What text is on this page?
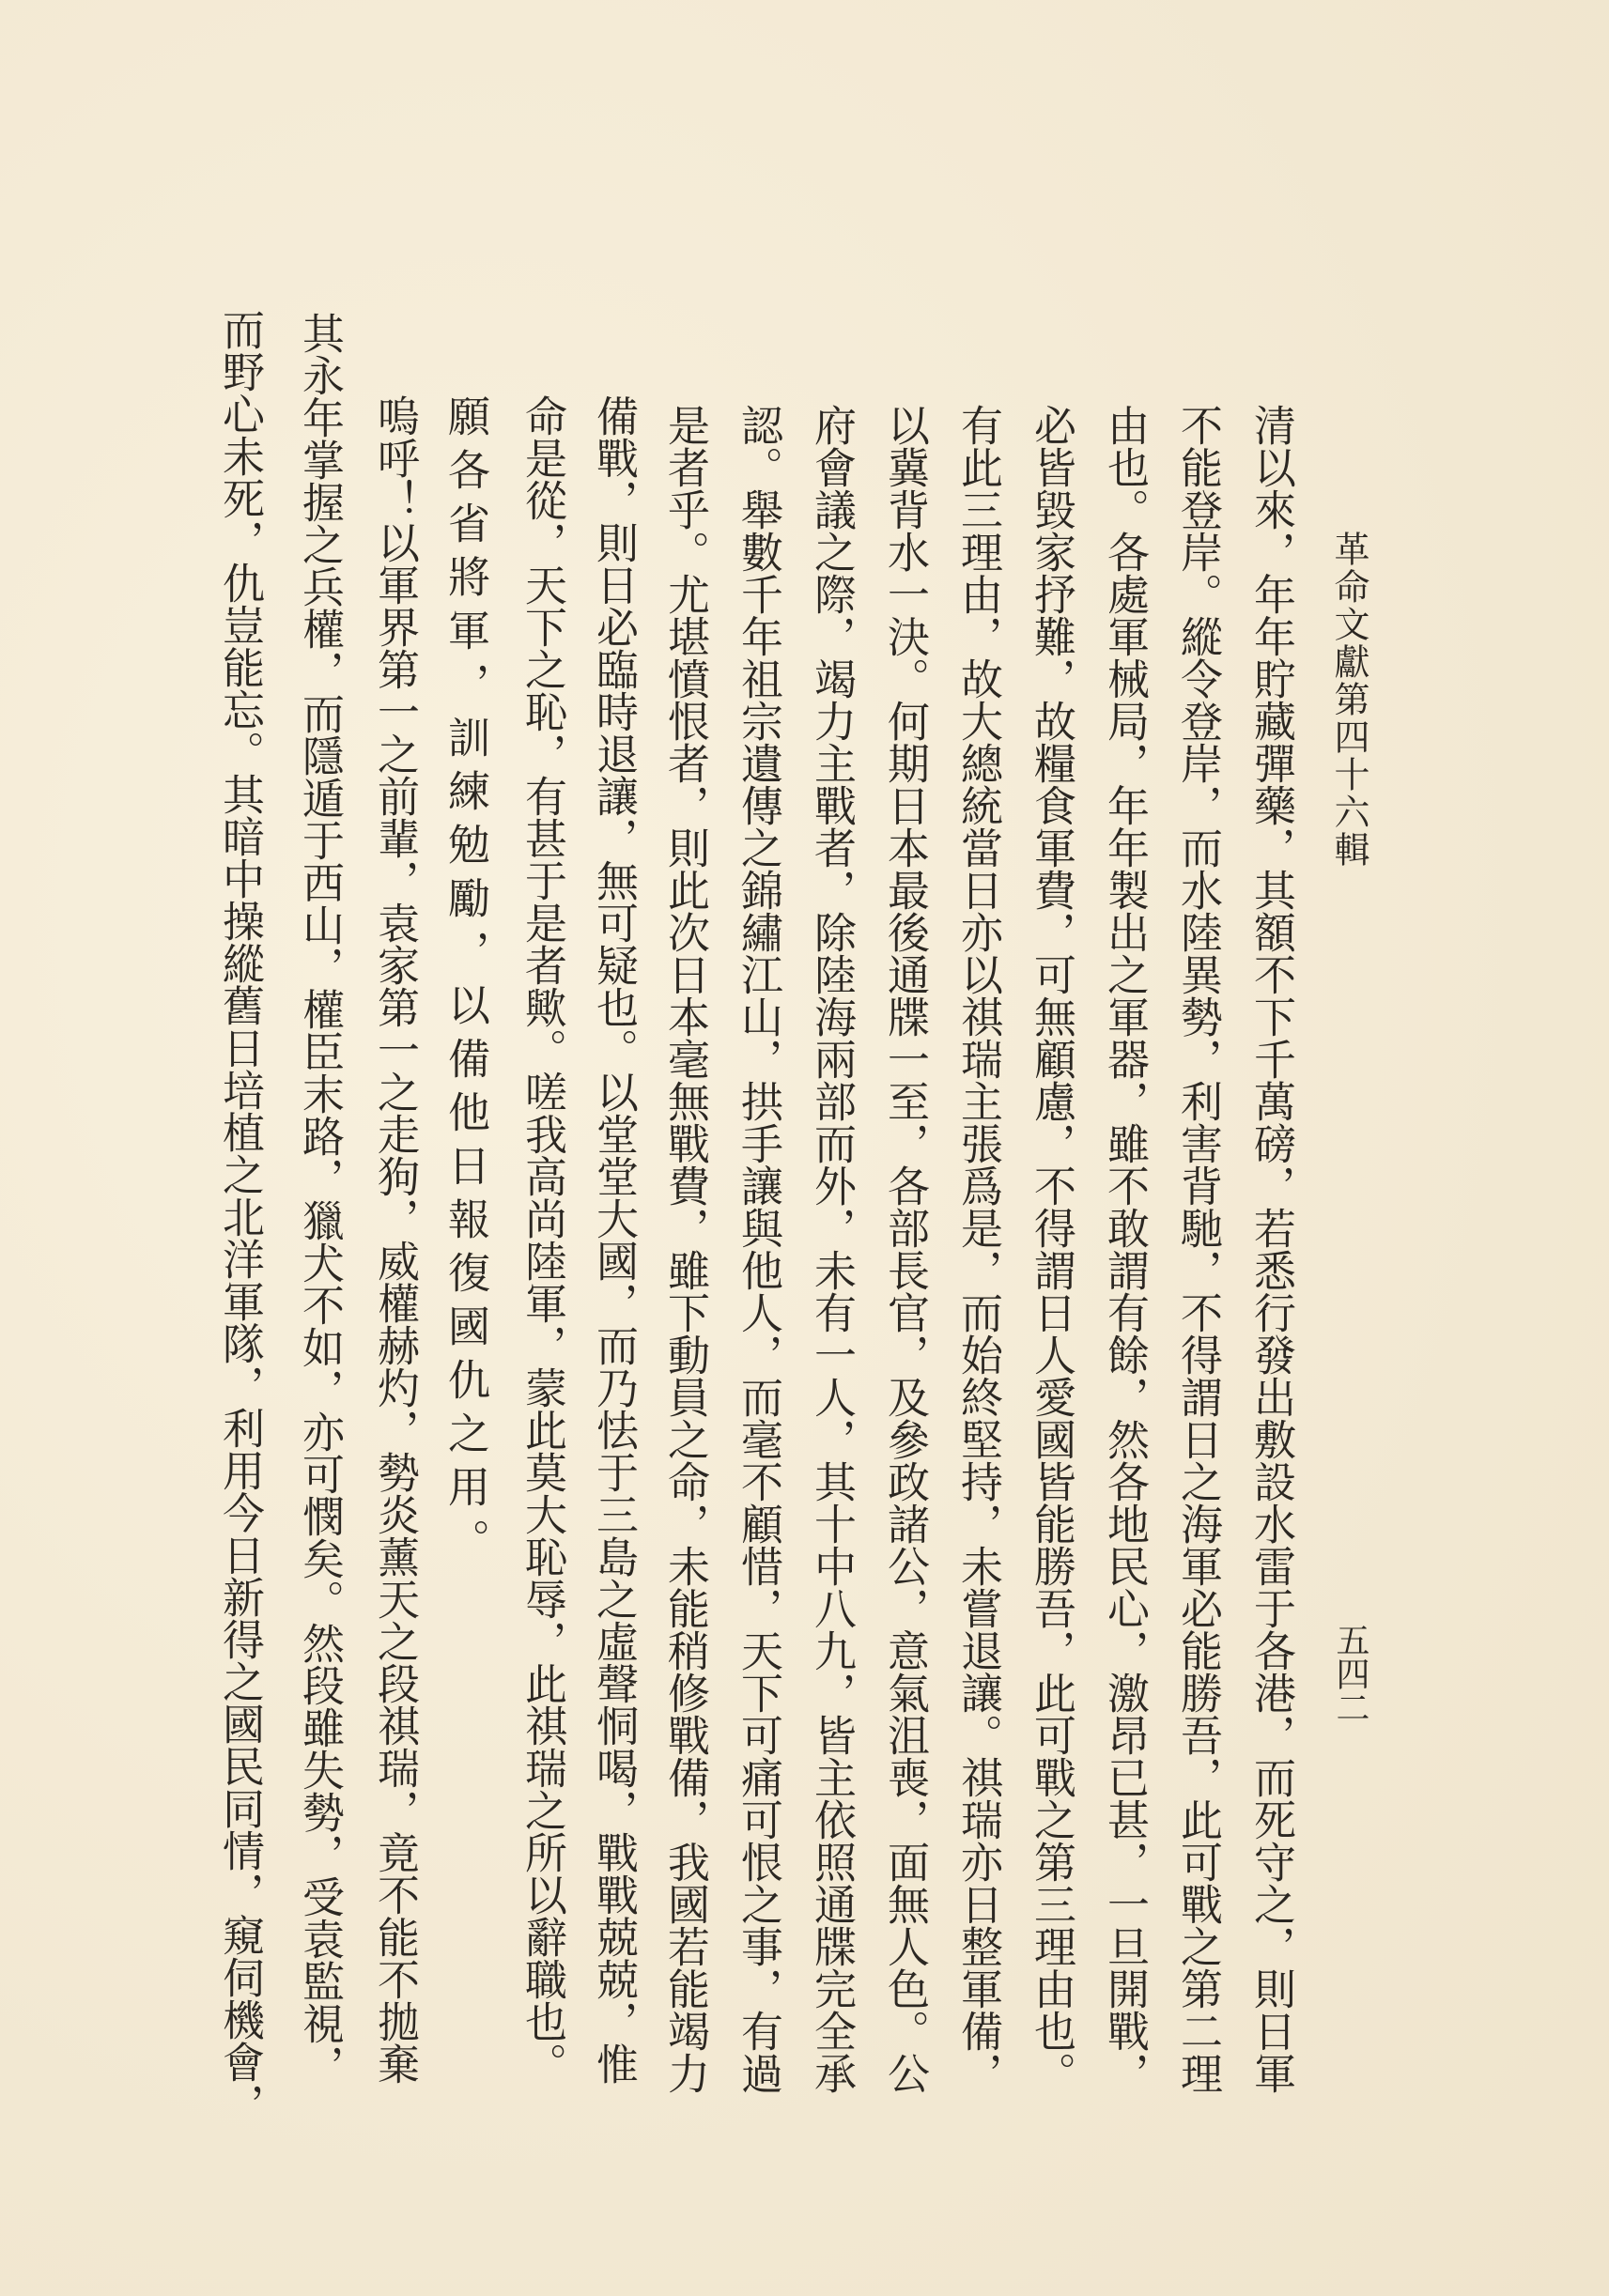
革命文獻第四十六輯
五四二
清以來，年年貯藏彈藥，其額不下千萬磅，若悉行發出敷設水雷于各港，而死守之，則日軍
不能登岸。縱令登岸，而水陸異勢，利害背馳，不得謂日之海軍必能勝吾，此可戰之第二理
由也。各處軍械局，年年製出之軍器，雖不敢謂有餘，然各地民心，激昂已甚，一旦開戰，
必皆毀家抒難，故糧食軍費，可無顧慮，不得謂日人愛國皆能勝吾，此可戰之第三理由也。
有此三理由，故大總統當日亦以祺瑞主張爲是，而始終堅持，未嘗退讓。祺瑞亦日整軍備，
以冀背水一決。何期日本最後通牒一至，各部長官，及參政諸公，意氣沮喪，面無人色。公
府會議之際，竭力主戰者，除陸海兩部而外，未有一人，其十中八九，皆主依照通牒完全承
認。舉數千年祖宗遺傳之錦繡江山，拱手讓與他人，而毫不顧惜，天下可痛可恨之事，有過
是者乎。尤堪憤恨者，則此次日本毫無戰費，雖下動員之命，未能稍修戰備，我國若能竭力
備戰，則日必臨時退讓，無可疑也。以堂堂大國，而乃怯于三島之虛聲恫喝，戰戰兢兢，惟
命是從，天下之恥，有甚于是者歟。嗟我高尚陸軍，蒙此莫大恥辱，此祺瑞之所以辭職也。
願各省將軍，訓練勉勵，以備他日報復國仇之用。
嗚呼！以軍界第一之前輩，袁家第一之走狗，威權赫灼，勢炎薰天之段祺瑞，竟不能不拋棄
其永年掌握之兵權，而隱遁于西山，權臣末路，獵犬不如，亦可憫矣。然段雖失勢，受袁監視，
而野心未死，仇豈能忘。其暗中操縱舊日培植之北洋軍隊，利用今日新得之國民同情，窺伺機會，
